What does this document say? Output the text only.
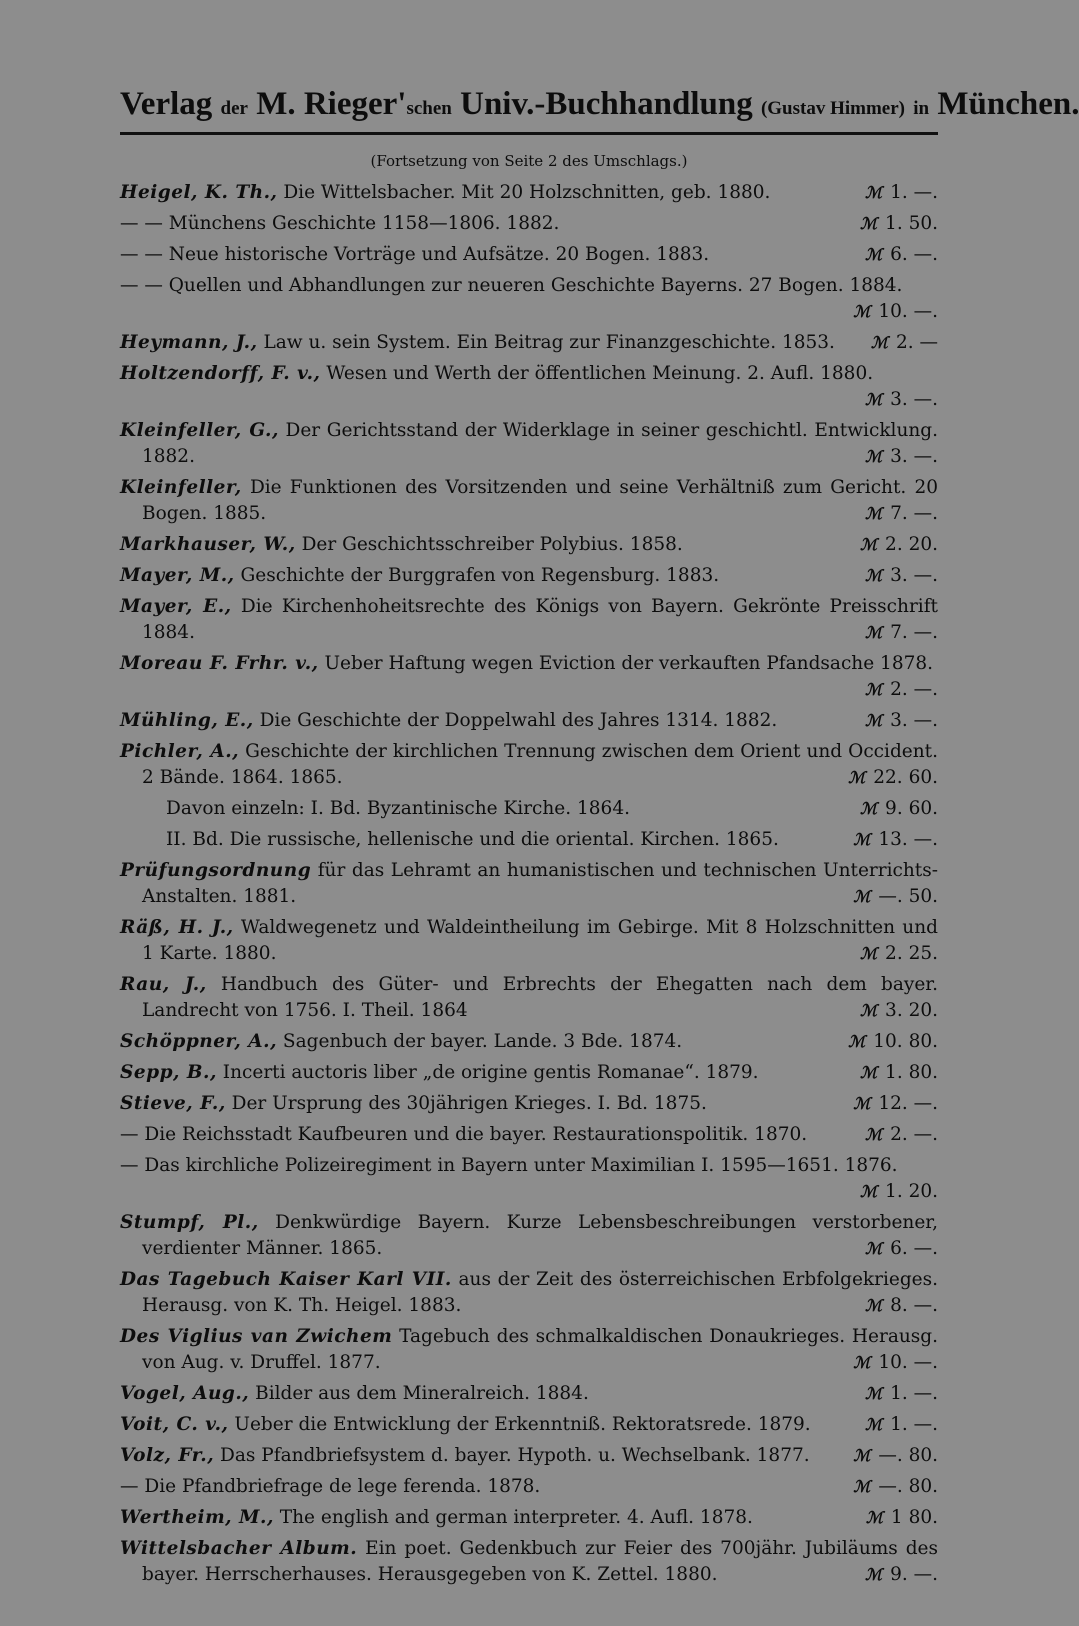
Verlag der M. Rieger'schen Univ.-Buchhandlung (Gustav Himmer) in München.
(Fortsetzung von Seite 2 des Umschlags.)
Heigel, K. Th., Die Wittelsbacher. Mit 20 Holzschnitten, geb. 1880.	ℳ 1. —.
— — Münchens Geschichte 1158—1806. 1882.	ℳ 1. 50.
— — Neue historische Vorträge und Aufsätze. 20 Bogen. 1883.	ℳ 6. —.
— — Quellen und Abhandlungen zur neueren Geschichte Bayerns. 27 Bogen. 1884.
ℳ 10. —.
Heymann, J., Law u. sein System. Ein Beitrag zur Finanzgeschichte. 1853.	ℳ 2. —
Holtzendorff, F. v., Wesen und Werth der öffentlichen Meinung. 2. Aufl. 1880.
ℳ 3. —.
Kleinfeller, G., Der Gerichtsstand der Widerklage in seiner geschichtl. Entwicklung. 1882.	ℳ 3. —.
Kleinfeller, Die Funktionen des Vorsitzenden und seine Verhältniß zum Gericht. 20 Bogen. 1885.	ℳ 7. —.
Markhauser, W., Der Geschichtsschreiber Polybius. 1858.	ℳ 2. 20.
Mayer, M., Geschichte der Burggrafen von Regensburg. 1883.	ℳ 3. —.
Mayer, E., Die Kirchenhoheitsrechte des Königs von Bayern. Gekrönte Preisschrift 1884.	ℳ 7. —.
Moreau F. Frhr. v., Ueber Haftung wegen Eviction der verkauften Pfandsache 1878.
ℳ 2. —.
Mühling, E., Die Geschichte der Doppelwahl des Jahres 1314. 1882.	ℳ 3. —.
Pichler, A., Geschichte der kirchlichen Trennung zwischen dem Orient und Occident. 2 Bände. 1864. 1865.	ℳ 22. 60.
Davon einzeln: I. Bd. Byzantinische Kirche. 1864.	ℳ 9. 60.
II. Bd. Die russische, hellenische und die oriental. Kirchen. 1865.	ℳ 13. —.
Prüfungsordnung für das Lehramt an humanistischen und technischen Unterrichts-Anstalten. 1881.	ℳ —. 50.
Räß, H. J., Waldwegenetz und Waldeintheilung im Gebirge. Mit 8 Holzschnitten und 1 Karte. 1880.	ℳ 2. 25.
Rau, J., Handbuch des Güter- und Erbrechts der Ehegatten nach dem bayer. Landrecht von 1756. I. Theil. 1864	ℳ 3. 20.
Schöppner, A., Sagenbuch der bayer. Lande. 3 Bde. 1874.	ℳ 10. 80.
Sepp, B., Incerti auctoris liber „de origine gentis Romanae“. 1879.	ℳ 1. 80.
Stieve, F., Der Ursprung des 30jährigen Krieges. I. Bd. 1875.	ℳ 12. —.
— Die Reichsstadt Kaufbeuren und die bayer. Restaurationspolitik. 1870.	ℳ 2. —.
— Das kirchliche Polizeiregiment in Bayern unter Maximilian I. 1595—1651. 1876.
ℳ 1. 20.
Stumpf, Pl., Denkwürdige Bayern. Kurze Lebensbeschreibungen verstorbener, verdienter Männer. 1865.	ℳ 6. —.
Das Tagebuch Kaiser Karl VII. aus der Zeit des österreichischen Erbfolgekrieges. Herausg. von K. Th. Heigel. 1883.	ℳ 8. —.
Des Viglius van Zwichem Tagebuch des schmalkaldischen Donaukrieges. Herausg. von Aug. v. Druffel. 1877.	ℳ 10. —.
Vogel, Aug., Bilder aus dem Mineralreich. 1884.	ℳ 1. —.
Voit, C. v., Ueber die Entwicklung der Erkenntniß. Rektoratsrede. 1879.	ℳ 1. —.
Volz, Fr., Das Pfandbriefsystem d. bayer. Hypoth. u. Wechselbank. 1877.	ℳ —. 80.
— Die Pfandbriefrage de lege ferenda. 1878.	ℳ —. 80.
Wertheim, M., The english and german interpreter. 4. Aufl. 1878.	ℳ 1 80.
Wittelsbacher Album. Ein poet. Gedenkbuch zur Feier des 700jähr. Jubiläums des bayer. Herrscherhauses. Herausgegeben von K. Zettel. 1880.	ℳ 9. —.
